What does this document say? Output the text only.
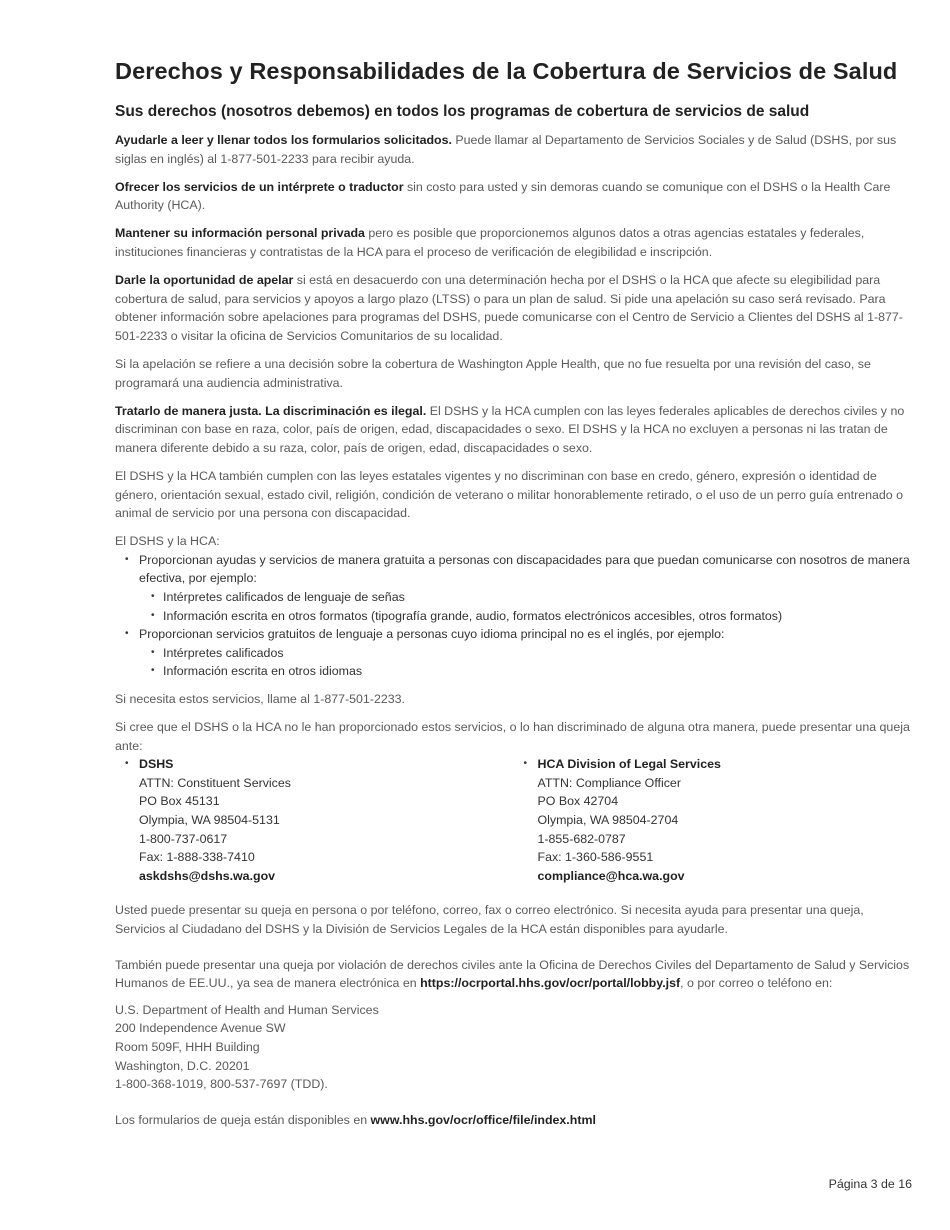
Derechos y Responsabilidades de la Cobertura de Servicios de Salud
Sus derechos (nosotros debemos) en todos los programas de cobertura de servicios de salud

Ayudarle a leer y llenar todos los formularios solicitados. Puede llamar al Departamento de Servicios Sociales y de Salud (DSHS, por sus siglas en inglés) al 1-877-501-2233 para recibir ayuda.

Ofrecer los servicios de un intérprete o traductor sin costo para usted y sin demoras cuando se comunique con el DSHS o la Health Care Authority (HCA).

Mantener su información personal privada pero es posible que proporcionemos algunos datos a otras agencias estatales y federales, instituciones financieras y contratistas de la HCA para el proceso de verificación de elegibilidad e inscripción.

Darle la oportunidad de apelar si está en desacuerdo con una determinación hecha por el DSHS o la HCA que afecte su elegibilidad para cobertura de salud, para servicios y apoyos a largo plazo (LTSS) o para un plan de salud. Si pide una apelación su caso será revisado. Para obtener información sobre apelaciones para programas del DSHS, puede comunicarse con el Centro de Servicio a Clientes del DSHS al 1-877-501-2233 o visitar la oficina de Servicios Comunitarios de su localidad.

Si la apelación se refiere a una decisión sobre la cobertura de Washington Apple Health, que no fue resuelta por una revisión del caso, se programará una audiencia administrativa.

Tratarlo de manera justa. La discriminación es ilegal. El DSHS y la HCA cumplen con las leyes federales aplicables de derechos civiles y no discriminan con base en raza, color, país de origen, edad, discapacidades o sexo. El DSHS y la HCA no excluyen a personas ni las tratan de manera diferente debido a su raza, color, país de origen, edad, discapacidades o sexo.

El DSHS y la HCA también cumplen con las leyes estatales vigentes y no discriminan con base en credo, género, expresión o identidad de género, orientación sexual, estado civil, religión, condición de veterano o militar honorablemente retirado, o el uso de un perro guía entrenado o animal de servicio por una persona con discapacidad.

El DSHS y la HCA:

• Proporcionan ayudas y servicios de manera gratuita a personas con discapacidades para que puedan comunicarse con nosotros de manera efectiva, por ejemplo:
• Intérpretes calificados de lenguaje de señas
• Información escrita en otros formatos (tipografía grande, audio, formatos electrónicos accesibles, otros formatos)
• Proporcionan servicios gratuitos de lenguaje a personas cuyo idioma principal no es el inglés, por ejemplo:
• Intérpretes calificados
• Información escrita en otros idiomas

Si necesita estos servicios, llame al 1-877-501-2233.

Si cree que el DSHS o la HCA no le han proporcionado estos servicios, o lo han discriminado de alguna otra manera, puede presentar una queja ante:

• DSHS
ATTN: Constituent Services
PO Box 45131
Olympia, WA 98504-5131
1-800-737-0617
Fax: 1-888-338-7410
askdshs@dshs.wa.gov
• HCA Division of Legal Services
ATTN: Compliance Officer
PO Box 42704
Olympia, WA 98504-2704
1-855-682-0787
Fax: 1-360-586-9551
compliance@hca.wa.gov

Usted puede presentar su queja en persona o por teléfono, correo, fax o correo electrónico. Si necesita ayuda para presentar una queja, Servicios al Ciudadano del DSHS y la División de Servicios Legales de la HCA están disponibles para ayudarle.

También puede presentar una queja por violación de derechos civiles ante la Oficina de Derechos Civiles del Departamento de Salud y Servicios Humanos de EE.UU., ya sea de manera electrónica en https://ocrportal.hhs.gov/ocr/portal/lobby.jsf, o por correo o teléfono en:

U.S. Department of Health and Human Services
200 Independence Avenue SW
Room 509F, HHH Building
Washington, D.C. 20201
1-800-368-1019, 800-537-7697 (TDD).

Los formularios de queja están disponibles en www.hhs.gov/ocr/office/file/index.html

Página 3 de 16
